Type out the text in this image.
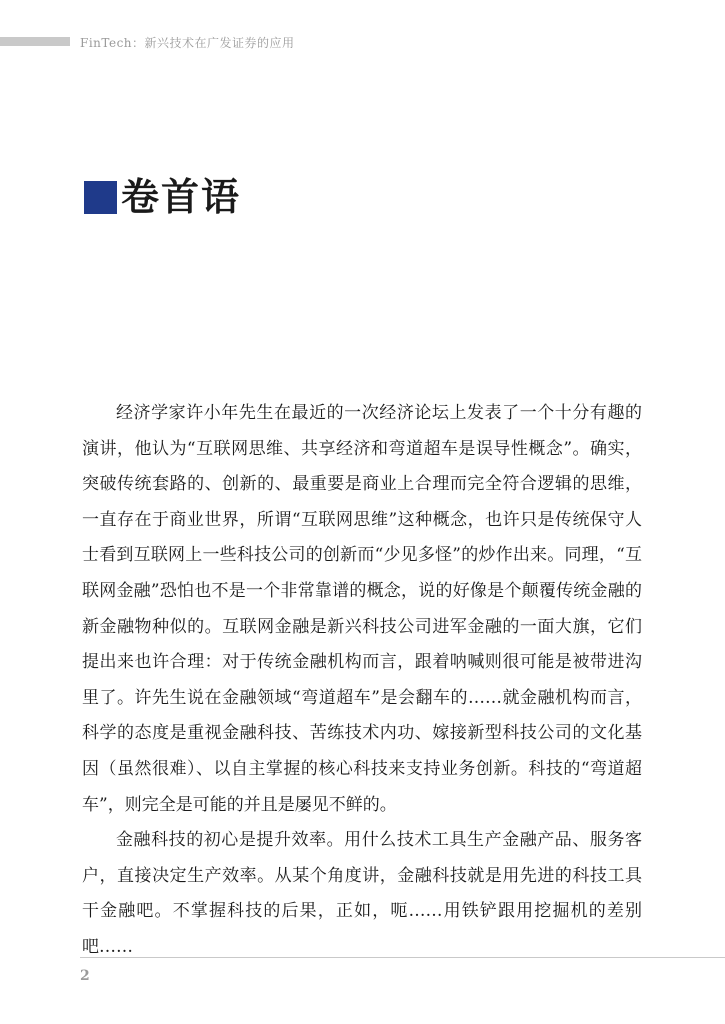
FinTech：新兴技术在广发证券的应用
卷首语

经济学家许小年先生在最近的一次经济论坛上发表了一个十分有趣的演讲，他认为“互联网思维、共享经济和弯道超车是误导性概念”。确实，突破传统套路的、创新的、最重要是商业上合理而完全符合逻辑的思维，一直存在于商业世界，所谓“互联网思维”这种概念，也许只是传统保守人士看到互联网上一些科技公司的创新而“少见多怪”的炒作出来。同理，“互联网金融”恐怕也不是一个非常靠谱的概念，说的好像是个颠覆传统金融的新金融物种似的。互联网金融是新兴科技公司进军金融的一面大旗，它们提出来也许合理：对于传统金融机构而言，跟着呐喊则很可能是被带进沟里了。许先生说在金融领域“弯道超车”是会翻车的……就金融机构而言，科学的态度是重视金融科技、苦练技术内功、嫁接新型科技公司的文化基因（虽然很难）、以自主掌握的核心科技来支持业务创新。科技的“弯道超车”，则完全是可能的并且是屡见不鲜的。

金融科技的初心是提升效率。用什么技术工具生产金融产品、服务客户，直接决定生产效率。从某个角度讲，金融科技就是用先进的科技工具干金融吧。不掌握科技的后果，正如，呃……用铁铲跟用挖掘机的差别吧……

2
